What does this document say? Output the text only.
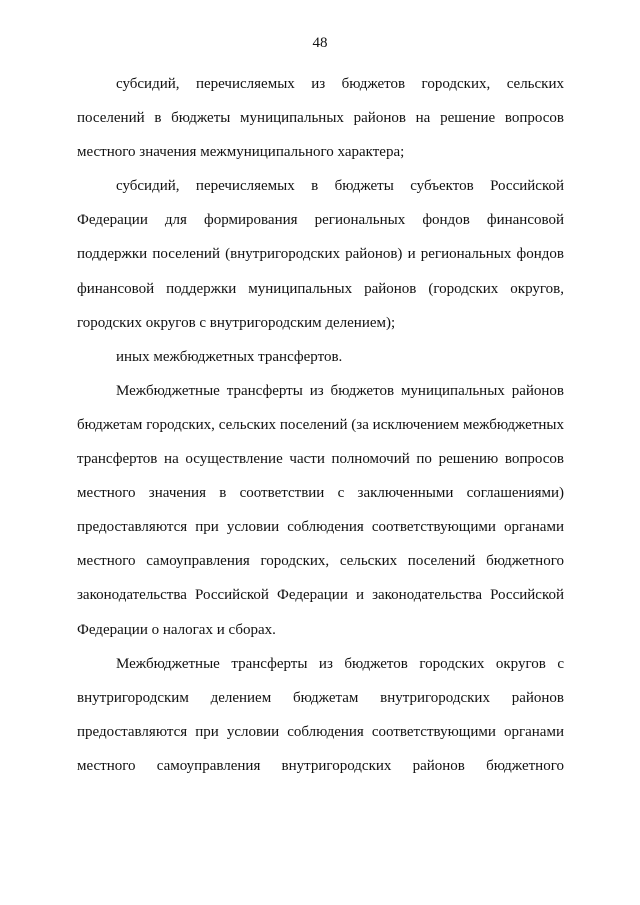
48

субсидий, перечисляемых из бюджетов городских, сельских поселений в бюджеты муниципальных районов на решение вопросов местного значения межмуниципального характера;

субсидий, перечисляемых в бюджеты субъектов Российской Федерации для формирования региональных фондов финансовой поддержки поселений (внутригородских районов) и региональных фондов финансовой поддержки муниципальных районов (городских округов, городских округов с внутригородским делением);

иных межбюджетных трансфертов.

Межбюджетные трансферты из бюджетов муниципальных районов бюджетам городских, сельских поселений (за исключением межбюджетных трансфертов на осуществление части полномочий по решению вопросов местного значения в соответствии с заключенными соглашениями) предоставляются при условии соблюдения соответствующими органами местного самоуправления городских, сельских поселений бюджетного законодательства Российской Федерации и законодательства Российской Федерации о налогах и сборах.

Межбюджетные трансферты из бюджетов городских округов с внутригородским делением бюджетам внутригородских районов предоставляются при условии соблюдения соответствующими органами местного самоуправления внутригородских районов бюджетного
